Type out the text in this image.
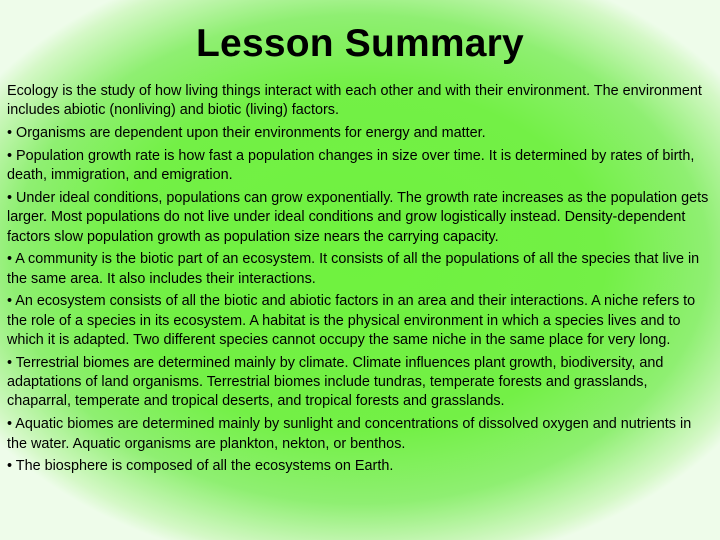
Lesson Summary

Ecology is the study of how living things interact with each other and with their environment. The environment includes abiotic (nonliving) and biotic (living) factors.

• Organisms are dependent upon their environments for energy and matter.

• Population growth rate is how fast a population changes in size over time. It is determined by rates of birth, death, immigration, and emigration.

• Under ideal conditions, populations can grow exponentially. The growth rate increases as the population gets larger. Most populations do not live under ideal conditions and grow logistically instead. Density-dependent factors slow population growth as population size nears the carrying capacity.

• A community is the biotic part of an ecosystem. It consists of all the populations of all the species that live in the same area. It also includes their interactions.

• An ecosystem consists of all the biotic and abiotic factors in an area and their interactions. A niche refers to the role of a species in its ecosystem. A habitat is the physical environment in which a species lives and to which it is adapted. Two different species cannot occupy the same niche in the same place for very long.

• Terrestrial biomes are determined mainly by climate. Climate influences plant growth, biodiversity, and adaptations of land organisms. Terrestrial biomes include tundras, temperate forests and grasslands, chaparral, temperate and tropical deserts, and tropical forests and grasslands.

• Aquatic biomes are determined mainly by sunlight and concentrations of dissolved oxygen and nutrients in the water. Aquatic organisms are plankton, nekton, or benthos.

• The biosphere is composed of all the ecosystems on Earth.
